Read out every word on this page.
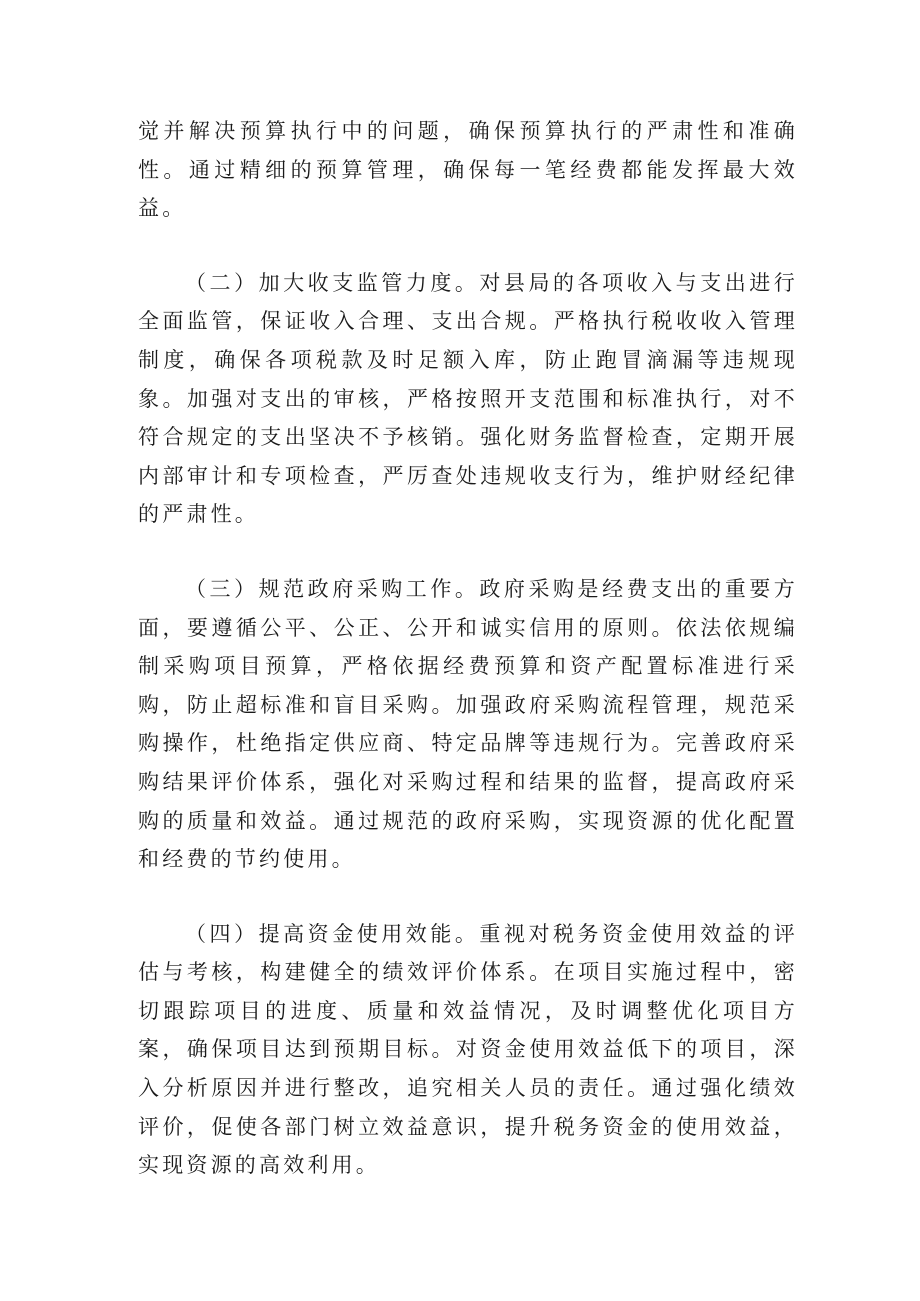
觉并解决预算执行中的问题，确保预算执行的严肃性和准确性。通过精细的预算管理，确保每一笔经费都能发挥最大效益。

（二）加大收支监管力度。对县局的各项收入与支出进行全面监管，保证收入合理、支出合规。严格执行税收收入管理制度，确保各项税款及时足额入库，防止跑冒滴漏等违规现象。加强对支出的审核，严格按照开支范围和标准执行，对不符合规定的支出坚决不予核销。强化财务监督检查，定期开展内部审计和专项检查，严厉查处违规收支行为，维护财经纪律的严肃性。

（三）规范政府采购工作。政府采购是经费支出的重要方面，要遵循公平、公正、公开和诚实信用的原则。依法依规编制采购项目预算，严格依据经费预算和资产配置标准进行采购，防止超标准和盲目采购。加强政府采购流程管理，规范采购操作，杜绝指定供应商、特定品牌等违规行为。完善政府采购结果评价体系，强化对采购过程和结果的监督，提高政府采购的质量和效益。通过规范的政府采购，实现资源的优化配置和经费的节约使用。

（四）提高资金使用效能。重视对税务资金使用效益的评估与考核，构建健全的绩效评价体系。在项目实施过程中，密切跟踪项目的进度、质量和效益情况，及时调整优化项目方案，确保项目达到预期目标。对资金使用效益低下的项目，深入分析原因并进行整改，追究相关人员的责任。通过强化绩效评价，促使各部门树立效益意识，提升税务资金的使用效益，实现资源的高效利用。
